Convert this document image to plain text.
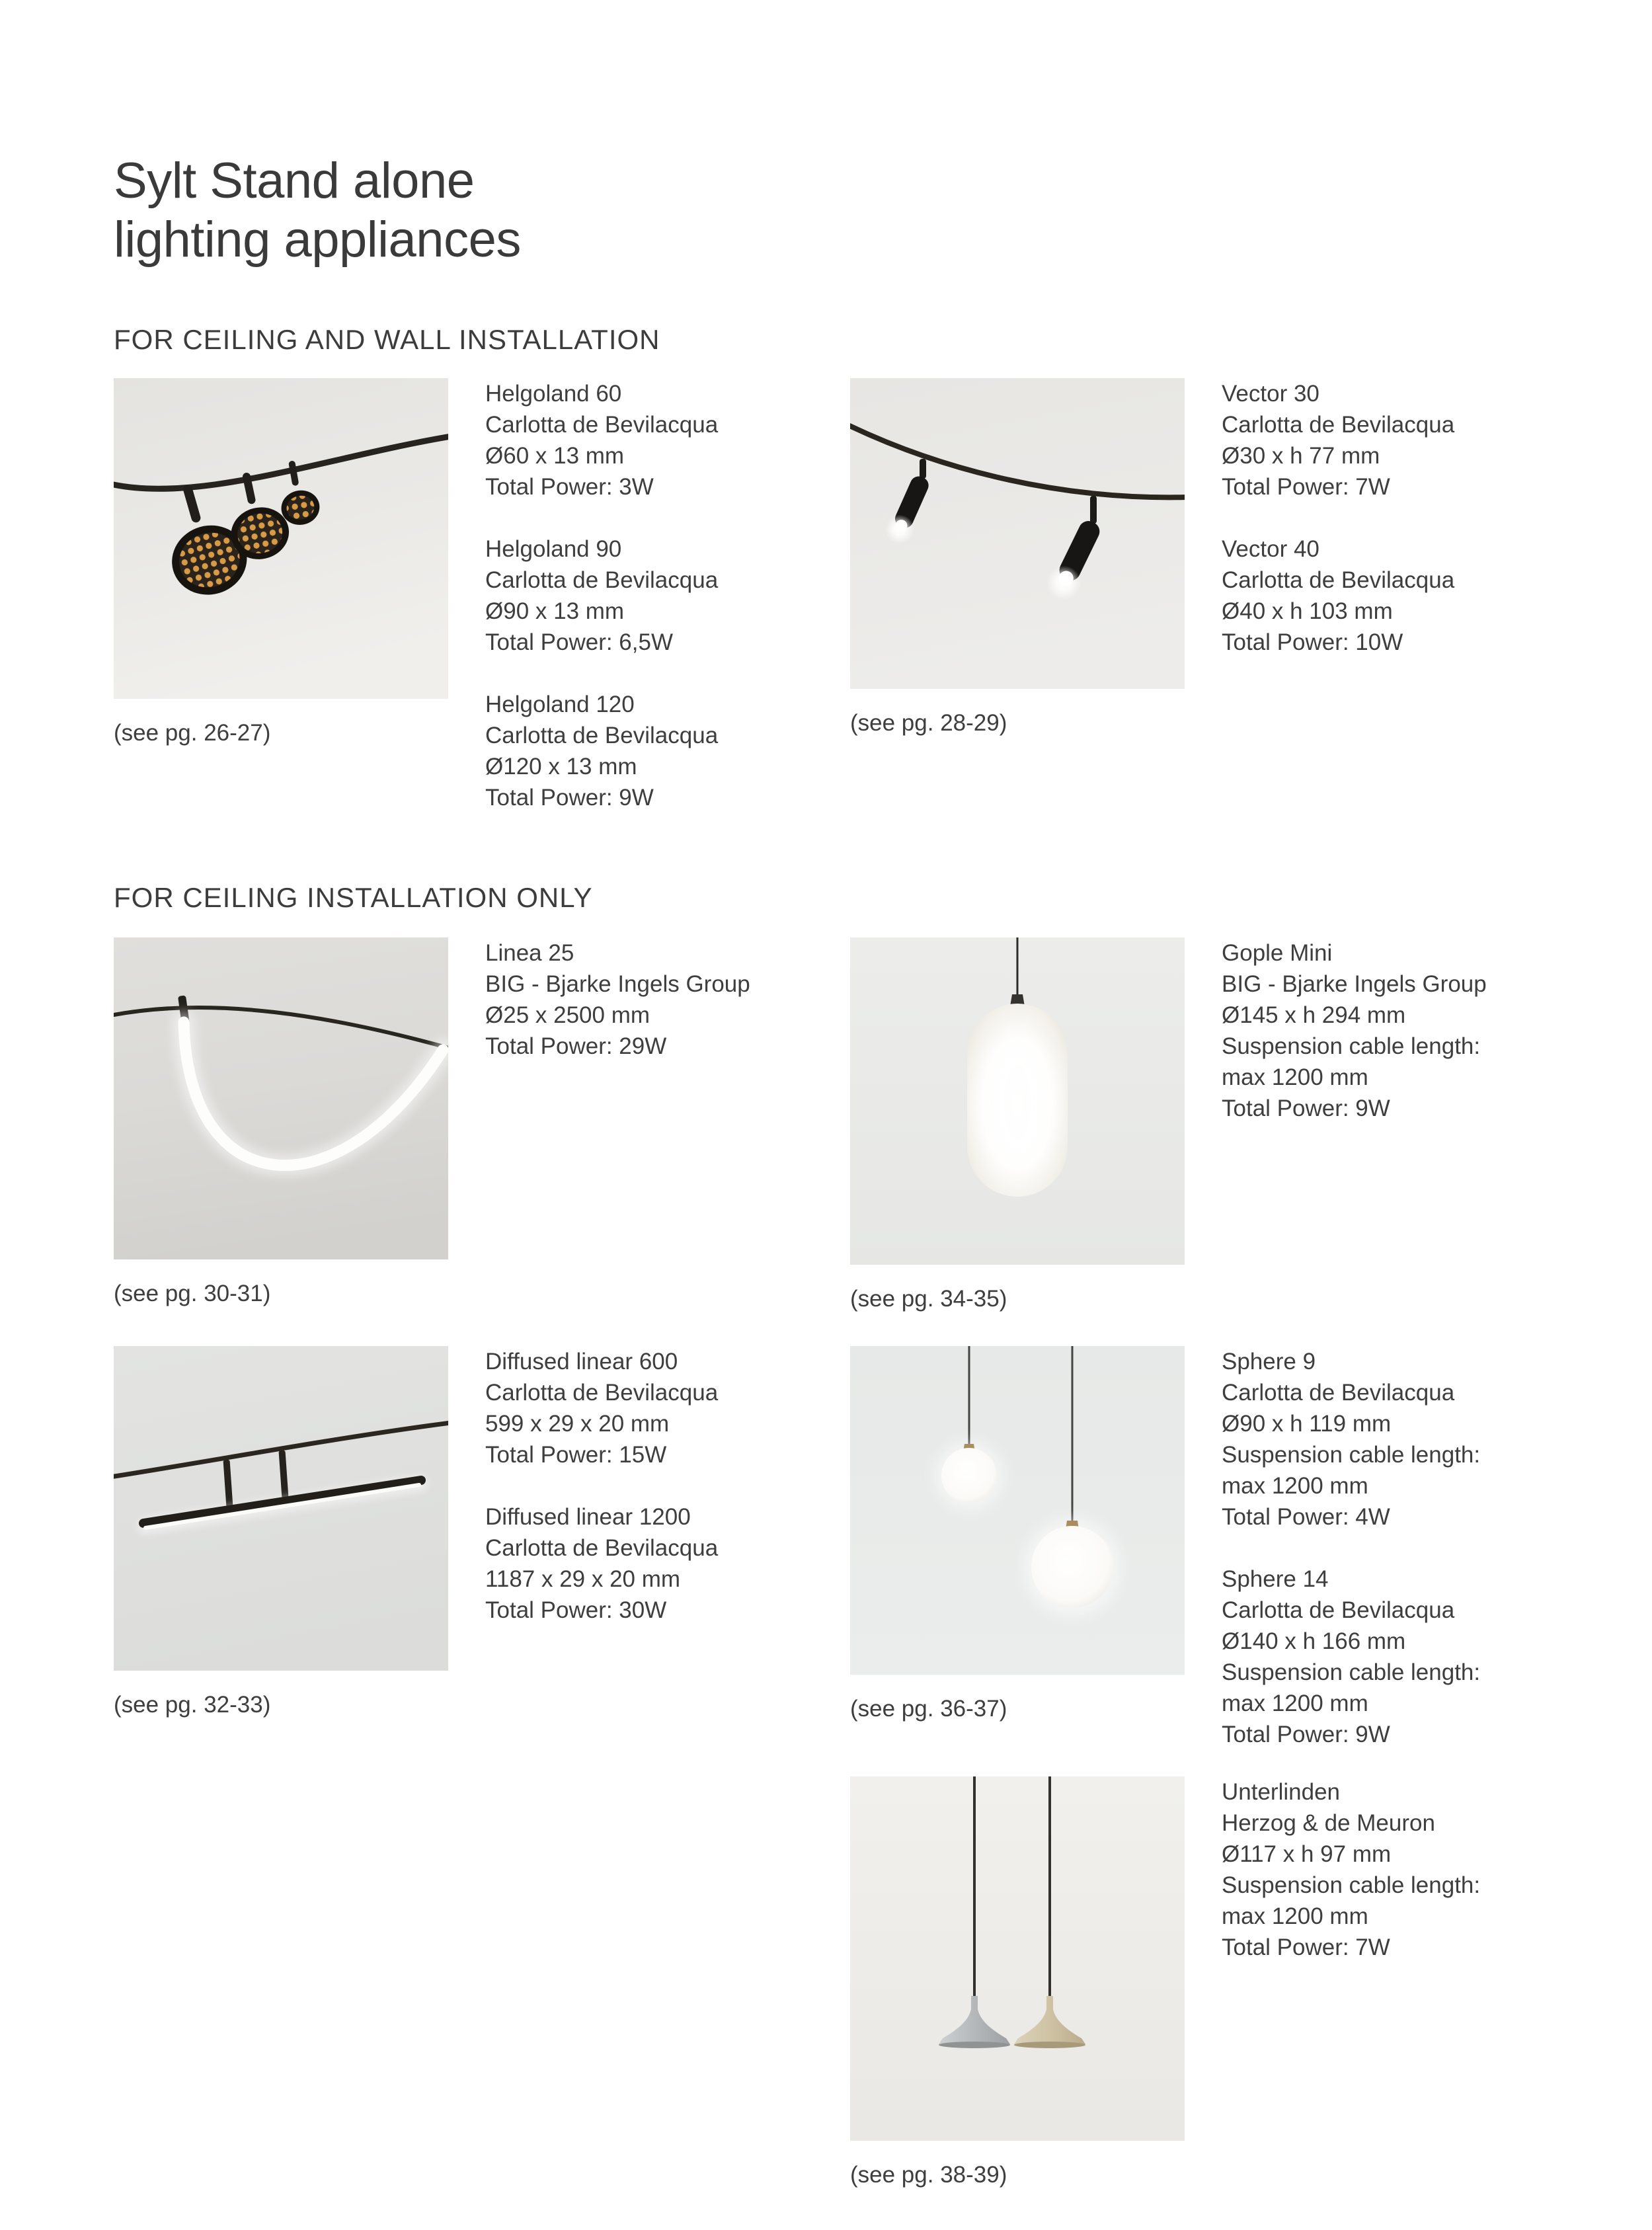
Sylt Stand alone
lighting appliances
FOR CEILING AND WALL INSTALLATION
(see pg. 26-27)
Helgoland 60
Carlotta de Bevilacqua
Ø60 x 13 mm
Total Power: 3W
Helgoland 90
Carlotta de Bevilacqua
Ø90 x 13 mm
Total Power: 6,5W
Helgoland 120
Carlotta de Bevilacqua
Ø120 x 13 mm
Total Power: 9W
(see pg. 28-29)
Vector 30
Carlotta de Bevilacqua
Ø30 x h 77 mm
Total Power: 7W
Vector 40
Carlotta de Bevilacqua
Ø40 x h 103 mm
Total Power: 10W
FOR CEILING INSTALLATION ONLY
(see pg. 30-31)
Linea 25
BIG - Bjarke Ingels Group
Ø25 x 2500 mm
Total Power: 29W
(see pg. 34-35)
Gople Mini
BIG - Bjarke Ingels Group
Ø145 x h 294 mm
Suspension cable length:
max 1200 mm
Total Power: 9W
(see pg. 32-33)
Diffused linear 600
Carlotta de Bevilacqua
599 x 29 x 20 mm
Total Power: 15W
Diffused linear 1200
Carlotta de Bevilacqua
1187 x 29 x 20 mm
Total Power: 30W
(see pg. 36-37)
Sphere 9
Carlotta de Bevilacqua
Ø90 x h 119 mm
Suspension cable length:
max 1200 mm
Total Power: 4W
Sphere 14
Carlotta de Bevilacqua
Ø140 x h 166 mm
Suspension cable length:
max 1200 mm
Total Power: 9W
(see pg. 38-39)
Unterlinden
Herzog & de Meuron
Ø117 x h 97 mm
Suspension cable length:
max 1200 mm
Total Power: 7W
